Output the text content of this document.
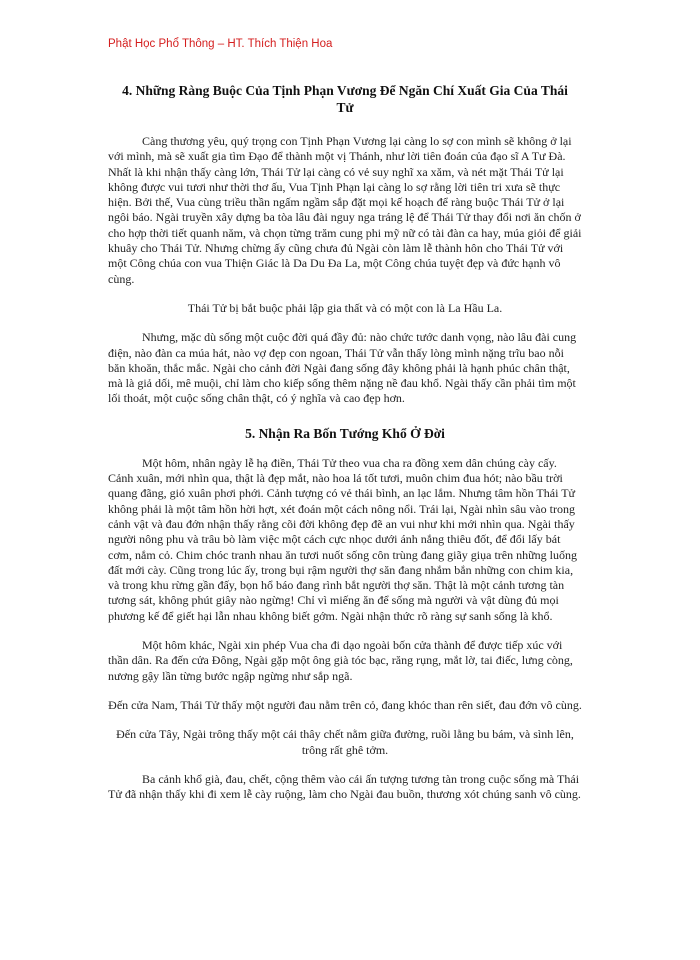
Phật Học Phổ Thông – HT. Thích Thiện Hoa
4. Những Ràng Buộc Của Tịnh Phạn Vương Để Ngăn Chí Xuất Gia Của Thái Tử

Càng thương yêu, quý trọng con Tịnh Phạn Vương lại càng lo sợ con mình sẽ không ở lại với mình, mà sẽ xuất gia tìm Đạo để thành một vị Thánh, như lời tiên đoán của đạo sĩ A Tư Đà. Nhất là khi nhận thấy càng lớn, Thái Tử lại càng có vẻ suy nghĩ xa xăm, và nét mặt Thái Tử lại không được vui tươi như thời thơ ấu, Vua Tịnh Phạn lại càng lo sợ rằng lời tiên tri xưa sẽ thực hiện. Bởi thế, Vua cùng triều thần ngấm ngầm sắp đặt mọi kế hoạch để ràng buộc Thái Tử ở lại ngôi báo. Ngài truyền xây dựng ba tòa lâu đài nguy nga tráng lệ để Thái Tử thay đổi nơi ăn chốn ở cho hợp thời tiết quanh năm, và chọn từng trăm cung phi mỹ nữ có tài đàn ca hay, múa giỏi để giải khuây cho Thái Tử. Nhưng chừng ấy cũng chưa đủ Ngài còn làm lễ thành hôn cho Thái Tử với một Công chúa con vua Thiện Giác là Da Du Đa La, một Công chúa tuyệt đẹp và đức hạnh vô cùng.

Thái Tử bị bắt buộc phải lập gia thất và có một con là La Hầu La.

Nhưng, mặc dù sống một cuộc đời quá đầy đủ: nào chức tước danh vọng, nào lâu đài cung điện, nào đàn ca múa hát, nào vợ đẹp con ngoan, Thái Tử vẫn thấy lòng mình nặng trĩu bao nỗi băn khoăn, thắc mắc. Ngài cho cảnh đời Ngài đang sống đây không phải là hạnh phúc chân thật, mà là giả dối, mê muội, chỉ làm cho kiếp sống thêm nặng nề đau khổ. Ngài thấy cần phải tìm một lối thoát, một cuộc sống chân thật, có ý nghĩa và cao đẹp hơn.

5. Nhận Ra Bốn Tướng Khổ Ở Đời

Một hôm, nhân ngày lễ hạ điền, Thái Tử theo vua cha ra đồng xem dân chúng cày cấy. Cảnh xuân, mới nhìn qua, thật là đẹp mắt, nào hoa lá tốt tươi, muôn chim đua hót; nào bầu trời quang đãng, gió xuân phơi phới. Cảnh tượng có vẻ thái bình, an lạc lắm. Nhưng tâm hồn Thái Tử không phải là một tâm hồn hời hợt, xét đoán một cách nông nổi. Trái lại, Ngài nhìn sâu vào trong cảnh vật và đau đớn nhận thấy rằng cõi đời không đẹp đẽ an vui như khi mới nhìn qua. Ngài thấy người nông phu và trâu bò làm việc một cách cực nhọc dưới ánh nắng thiêu đốt, để đổi lấy bát cơm, nắm cỏ. Chim chóc tranh nhau ăn tươi nuốt sống côn trùng đang giãy giụa trên những luống đất mới cày. Cũng trong lúc ấy, trong bụi rậm người thợ săn đang nhắm bắn những con chim kia, và trong khu rừng gần đấy, bọn hổ báo đang rình bắt người thợ săn. Thật là một cảnh tương tàn tương sát, không phút giây nào ngừng! Chỉ vì miếng ăn để sống mà người và vật dùng đủ mọi phương kế để giết hại lẫn nhau không biết gớm. Ngài nhận thức rõ ràng sự sanh sống là khổ.

Một hôm khác, Ngài xin phép Vua cha đi dạo ngoài bốn cửa thành để được tiếp xúc với thần dân. Ra đến cửa Đông, Ngài gặp một ông già tóc bạc, răng rụng, mắt lờ, tai điếc, lưng còng, nương gậy lần từng bước ngập ngừng như sắp ngã.

Đến cửa Nam, Thái Tử thấy một người đau nằm trên cỏ, đang khóc than rên siết, đau đớn vô cùng.

Đến cửa Tây, Ngài trông thấy một cái thây chết nằm giữa đường, ruồi lằng bu bám, và sình lên, trông rất ghê tởm.

Ba cảnh khổ già, đau, chết, cộng thêm vào cái ấn tượng tương tàn trong cuộc sống mà Thái Tử đã nhận thấy khi đi xem lễ cày ruộng, làm cho Ngài đau buồn, thương xót chúng sanh vô cùng.
